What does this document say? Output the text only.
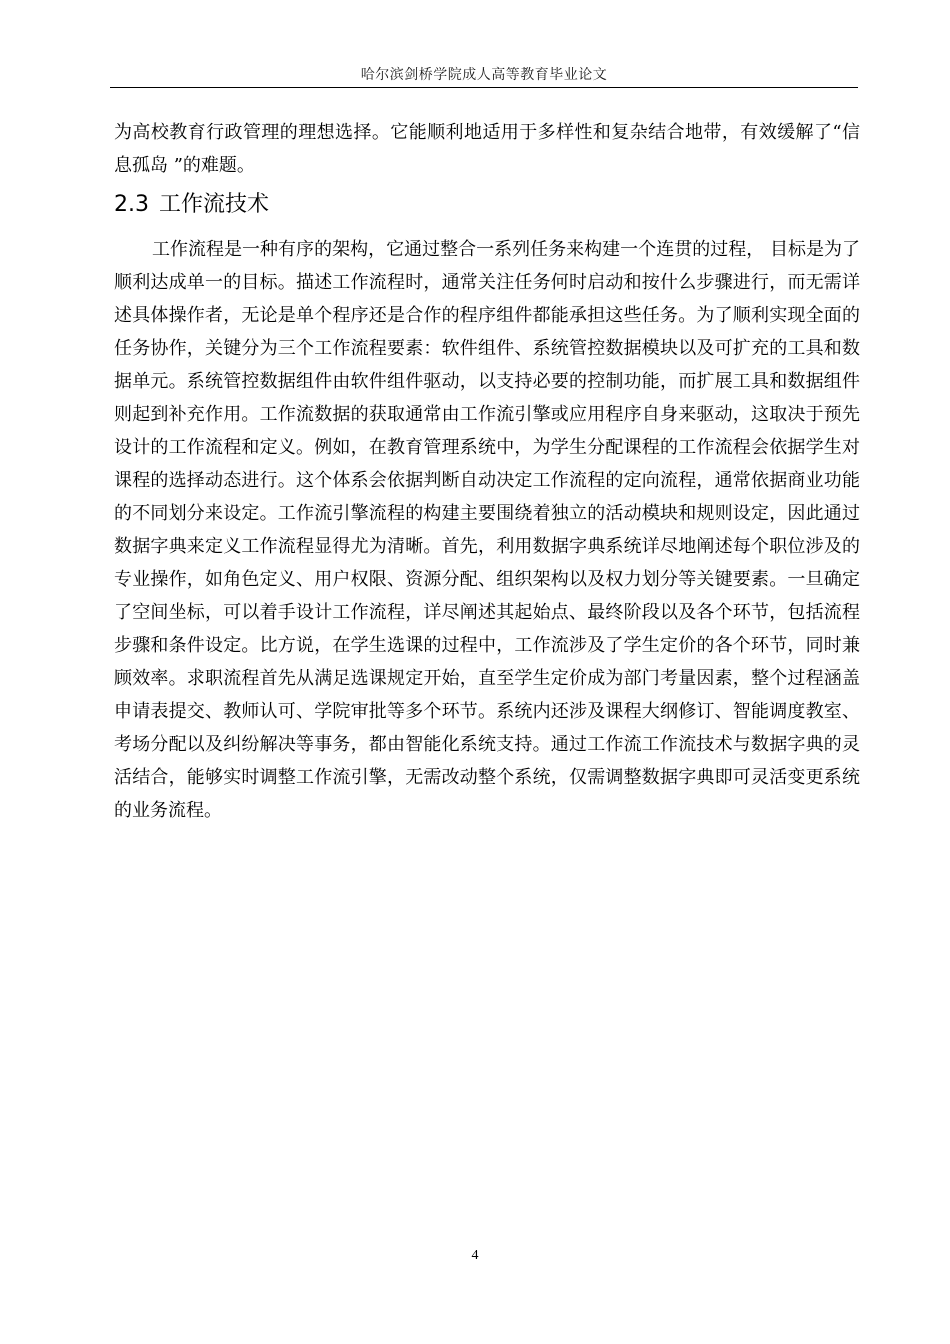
哈尔滨剑桥学院成人高等教育毕业论文

为高校教育行政管理的理想选择。它能顺利地适用于多样性和复杂结合地带，有效缓解了“信息孤岛 ”的难题。

2.3 工作流技术

工作流程是一种有序的架构，它通过整合一系列任务来构建一个连贯的过程， 目标是为了顺利达成单一的目标。描述工作流程时，通常关注任务何时启动和按什么步骤进行，而无需详述具体操作者，无论是单个程序还是合作的程序组件都能承担这些任务。为了顺利实现全面的任务协作，关键分为三个工作流程要素：软件组件、系统管控数据模块以及可扩充的工具和数据单元。系统管控数据组件由软件组件驱动，以支持必要的控制功能，而扩展工具和数据组件则起到补充作用。工作流数据的获取通常由工作流引擎或应用程序自身来驱动，这取决于预先设计的工作流程和定义。例如，在教育管理系统中，为学生分配课程的工作流程会依据学生对课程的选择动态进行。这个体系会依据判断自动决定工作流程的定向流程，通常依据商业功能的不同划分来设定。工作流引擎流程的构建主要围绕着独立的活动模块和规则设定，因此通过数据字典来定义工作流程显得尤为清晰。首先，利用数据字典系统详尽地阐述每个职位涉及的专业操作，如角色定义、用户权限、资源分配、组织架构以及权力划分等关键要素。一旦确定了空间坐标，可以着手设计工作流程，详尽阐述其起始点、最终阶段以及各个环节，包括流程步骤和条件设定。比方说，在学生选课的过程中，工作流涉及了学生定价的各个环节，同时兼顾效率。求职流程首先从满足选课规定开始，直至学生定价成为部门考量因素，整个过程涵盖申请表提交、教师认可、学院审批等多个环节。系统内还涉及课程大纲修订、智能调度教室、考场分配以及纠纷解决等事务，都由智能化系统支持。通过工作流工作流技术与数据字典的灵活结合，能够实时调整工作流引擎，无需改动整个系统，仅需调整数据字典即可灵活变更系统的业务流程。

4
